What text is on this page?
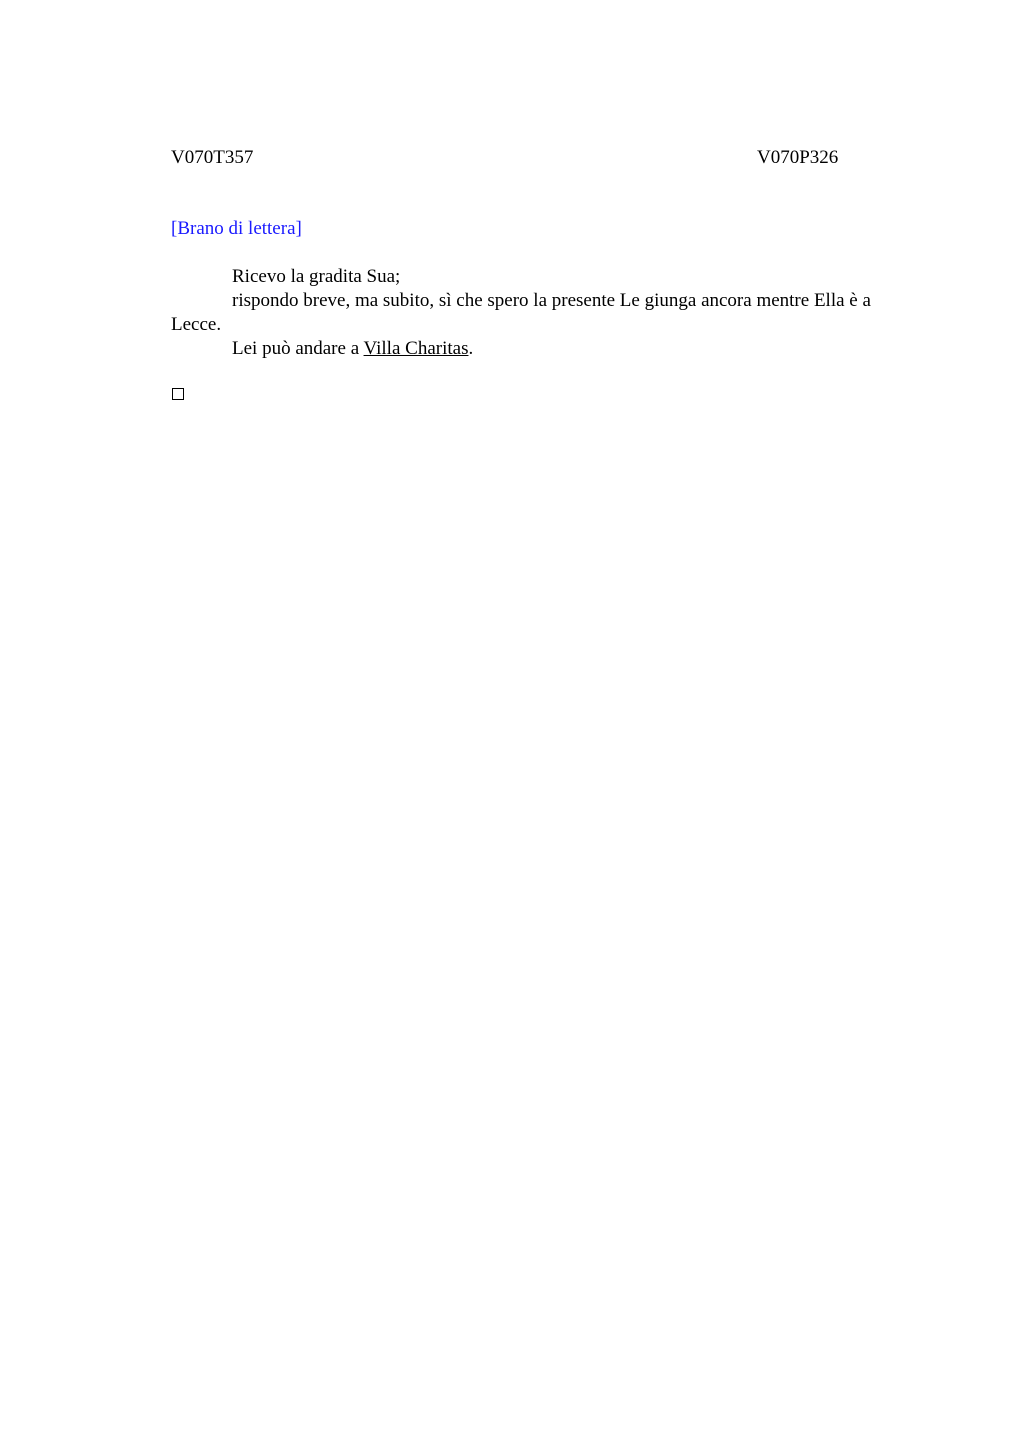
V070T357	V070P326
[Brano di lettera]

Ricevo la gradita Sua;

rispondo breve, ma subito, sì che spero la presente Le giunga ancora mentre Ella è a Lecce.

Lei può andare a Villa Charitas.
